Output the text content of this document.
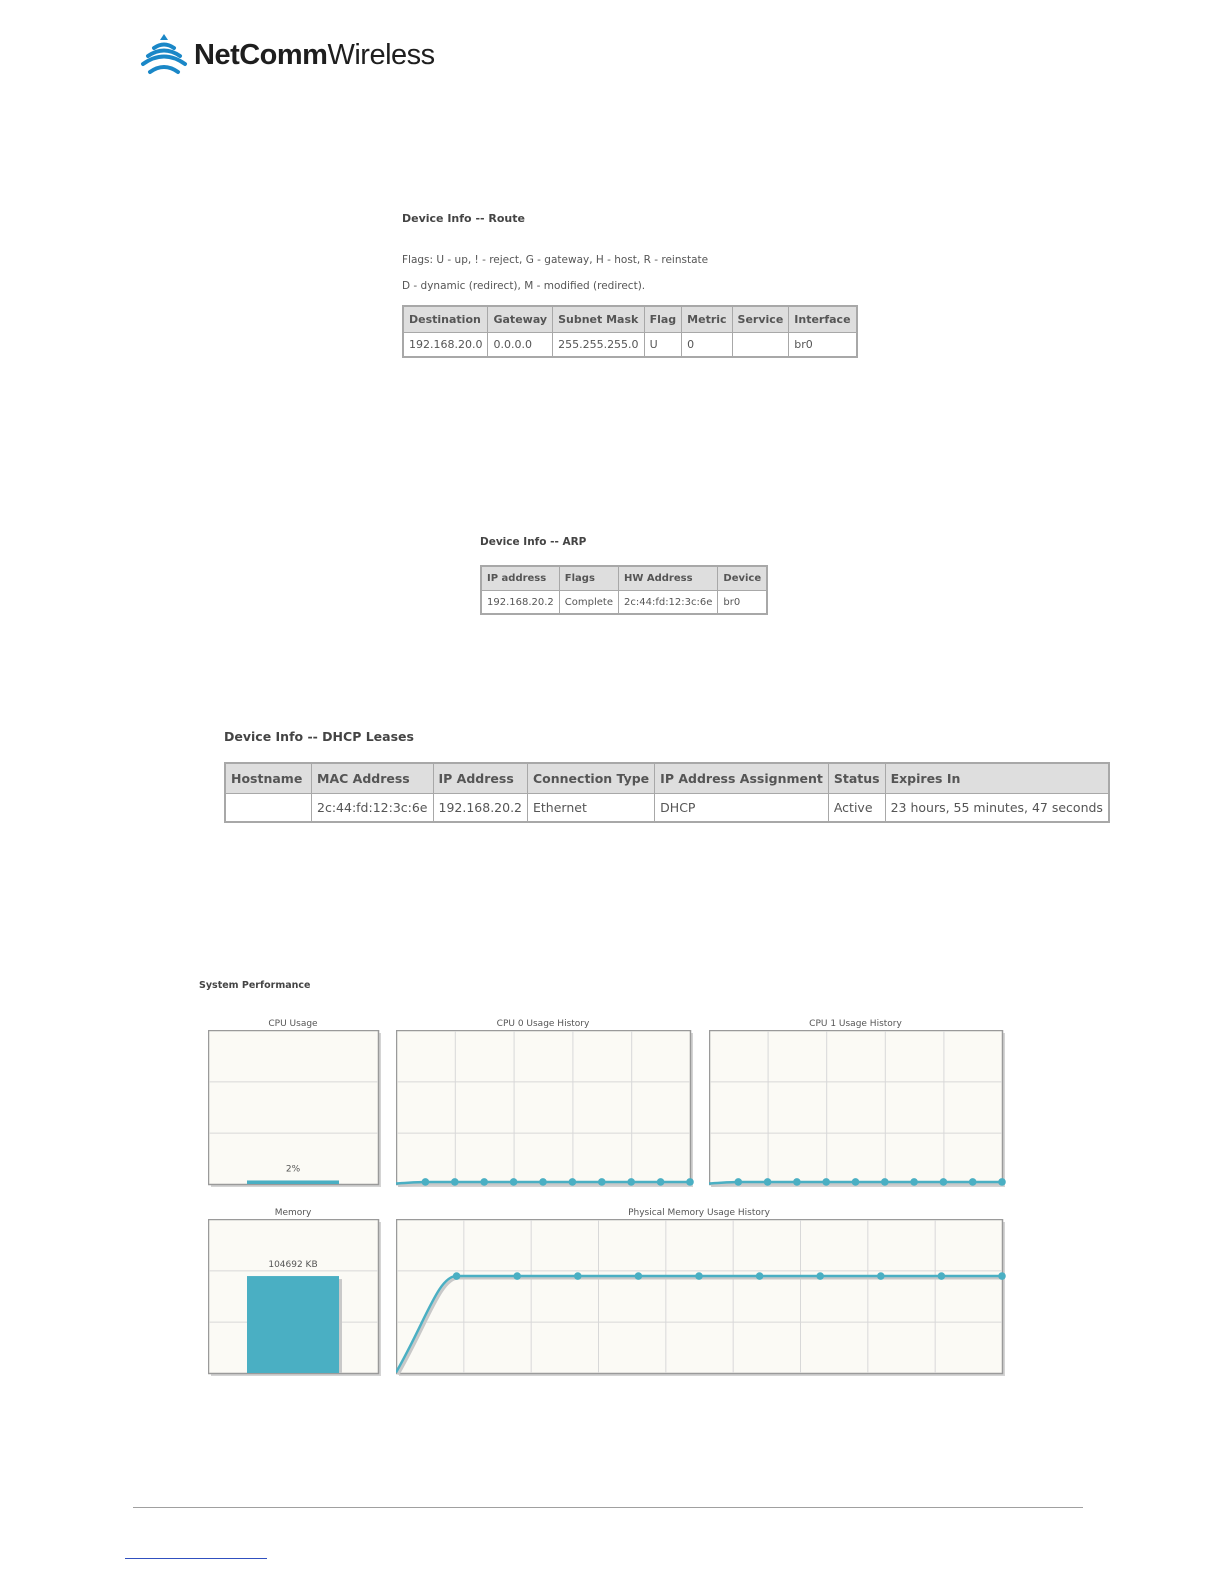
NetCommWireless
Device Info -- Route
Flags: U - up, ! - reject, G - gateway, H - host, R - reinstate
D - dynamic (redirect), M - modified (redirect).
Destination	Gateway	Subnet Mask	Flag	Metric	Service	Interface
192.168.20.0	0.0.0.0	255.255.255.0	U	0		br0
Device Info -- ARP
IP address	Flags	HW Address	Device
192.168.20.2	Complete	2c:44:fd:12:3c:6e	br0
Device Info -- DHCP Leases
Hostname	MAC Address	IP Address	Connection Type	IP Address Assignment	Status	Expires In
	2c:44:fd:12:3c:6e	192.168.20.2	Ethernet	DHCP	Active	23 hours, 55 minutes, 47 seconds
System Performance
CPU Usage	CPU 0 Usage History	CPU 1 Usage History
Memory	Physical Memory Usage History
2%
104692 KB
